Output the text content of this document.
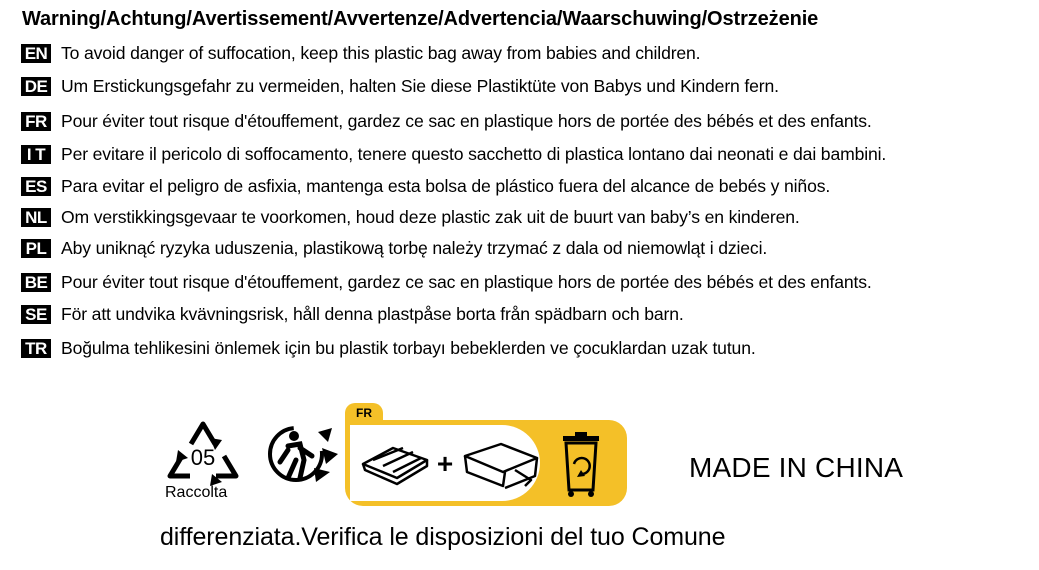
Warning/Achtung/Avertissement/Avvertenze/Advertencia/Waarschuwing/Ostrzeżenie
EN To avoid danger of suffocation, keep this plastic bag away from babies and children.
DE Um Erstickungsgefahr zu vermeiden, halten Sie diese Plastiktüte von Babys und Kindern fern.
FR Pour éviter tout risque d'étouffement, gardez ce sac en plastique hors de portée des bébés et des enfants.
I T Per evitare il pericolo di soffocamento, tenere questo sacchetto di plastica lontano dai neonati e dai bambini.
ES Para evitar el peligro de asfixia, mantenga esta bolsa de plástico fuera del alcance de bebés y niños.
NL Om verstikkingsgevaar te voorkomen, houd deze plastic zak uit de buurt van baby’s en kinderen.
PL Aby uniknąć ryzyka uduszenia, plastikową torbę należy trzymać z dala od niemowląt i dzieci.
BE Pour éviter tout risque d'étouffement, gardez ce sac en plastique hors de portée des bébés et des enfants.
SE För att undvika kvävningsrisk, håll denna plastpåse borta från spädbarn och barn.
TR Boğulma tehlikesini önlemek için bu plastik torbayı bebeklerden ve çocuklardan uzak tutun.
05
Raccolta
FR
+	MADE IN CHINA
differenziata.Verifica le disposizioni del tuo Comune
